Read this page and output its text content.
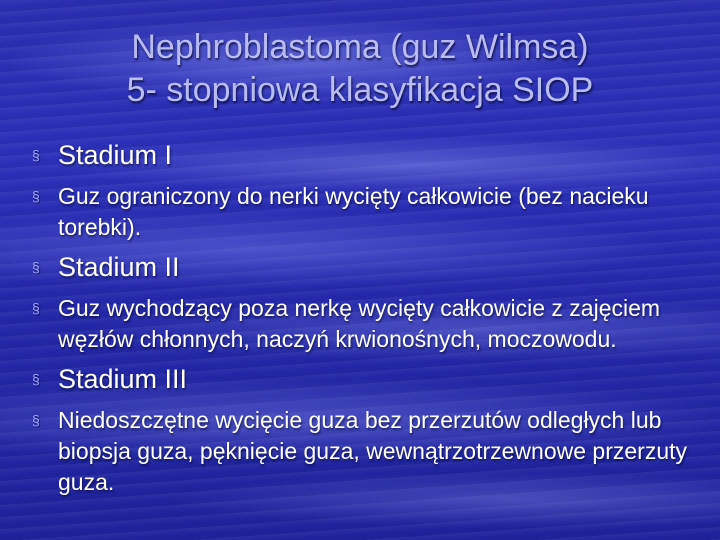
Nephroblastoma (guz Wilmsa)
5- stopniowa klasyfikacja SIOP
§ Stadium I
§ Guz ograniczony do nerki wycięty całkowicie (bez nacieku torebki).
§ Stadium II
§ Guz wychodzący poza nerkę wycięty całkowicie z zajęciem węzłów chłonnych, naczyń krwionośnych, moczowodu.
§ Stadium III
§ Niedoszczętne wycięcie guza bez przerzutów odległych lub biopsja guza, pęknięcie guza, wewnątrzotrzewnowe przerzuty guza.
